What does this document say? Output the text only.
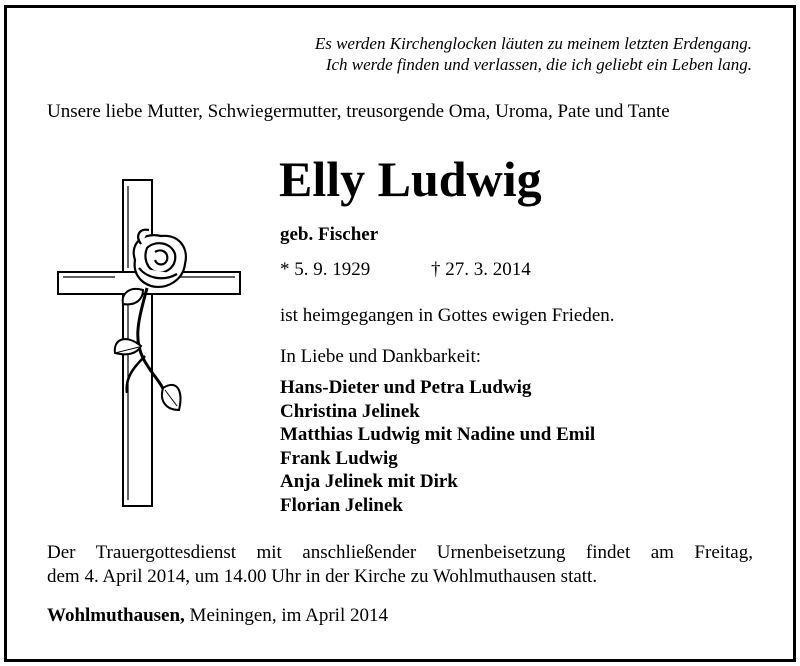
Es werden Kirchenglocken läuten zu meinem letzten Erdengang.
Ich werde finden und verlassen, die ich geliebt ein Leben lang.
Unsere liebe Mutter, Schwiegermutter, treusorgende Oma, Uroma, Pate und Tante
Elly Ludwig
geb. Fischer
* 5. 9. 1929	† 27. 3. 2014
ist heimgegangen in Gottes ewigen Frieden.
In Liebe und Dankbarkeit:
Hans-Dieter und Petra Ludwig
Christina Jelinek
Matthias Ludwig mit Nadine und Emil
Frank Ludwig
Anja Jelinek mit Dirk
Florian Jelinek
Der Trauergottesdienst mit anschließender Urnenbeisetzung findet am Freitag,
dem 4. April 2014, um 14.00 Uhr in der Kirche zu Wohlmuthausen statt.
Wohlmuthausen, Meiningen, im April 2014
